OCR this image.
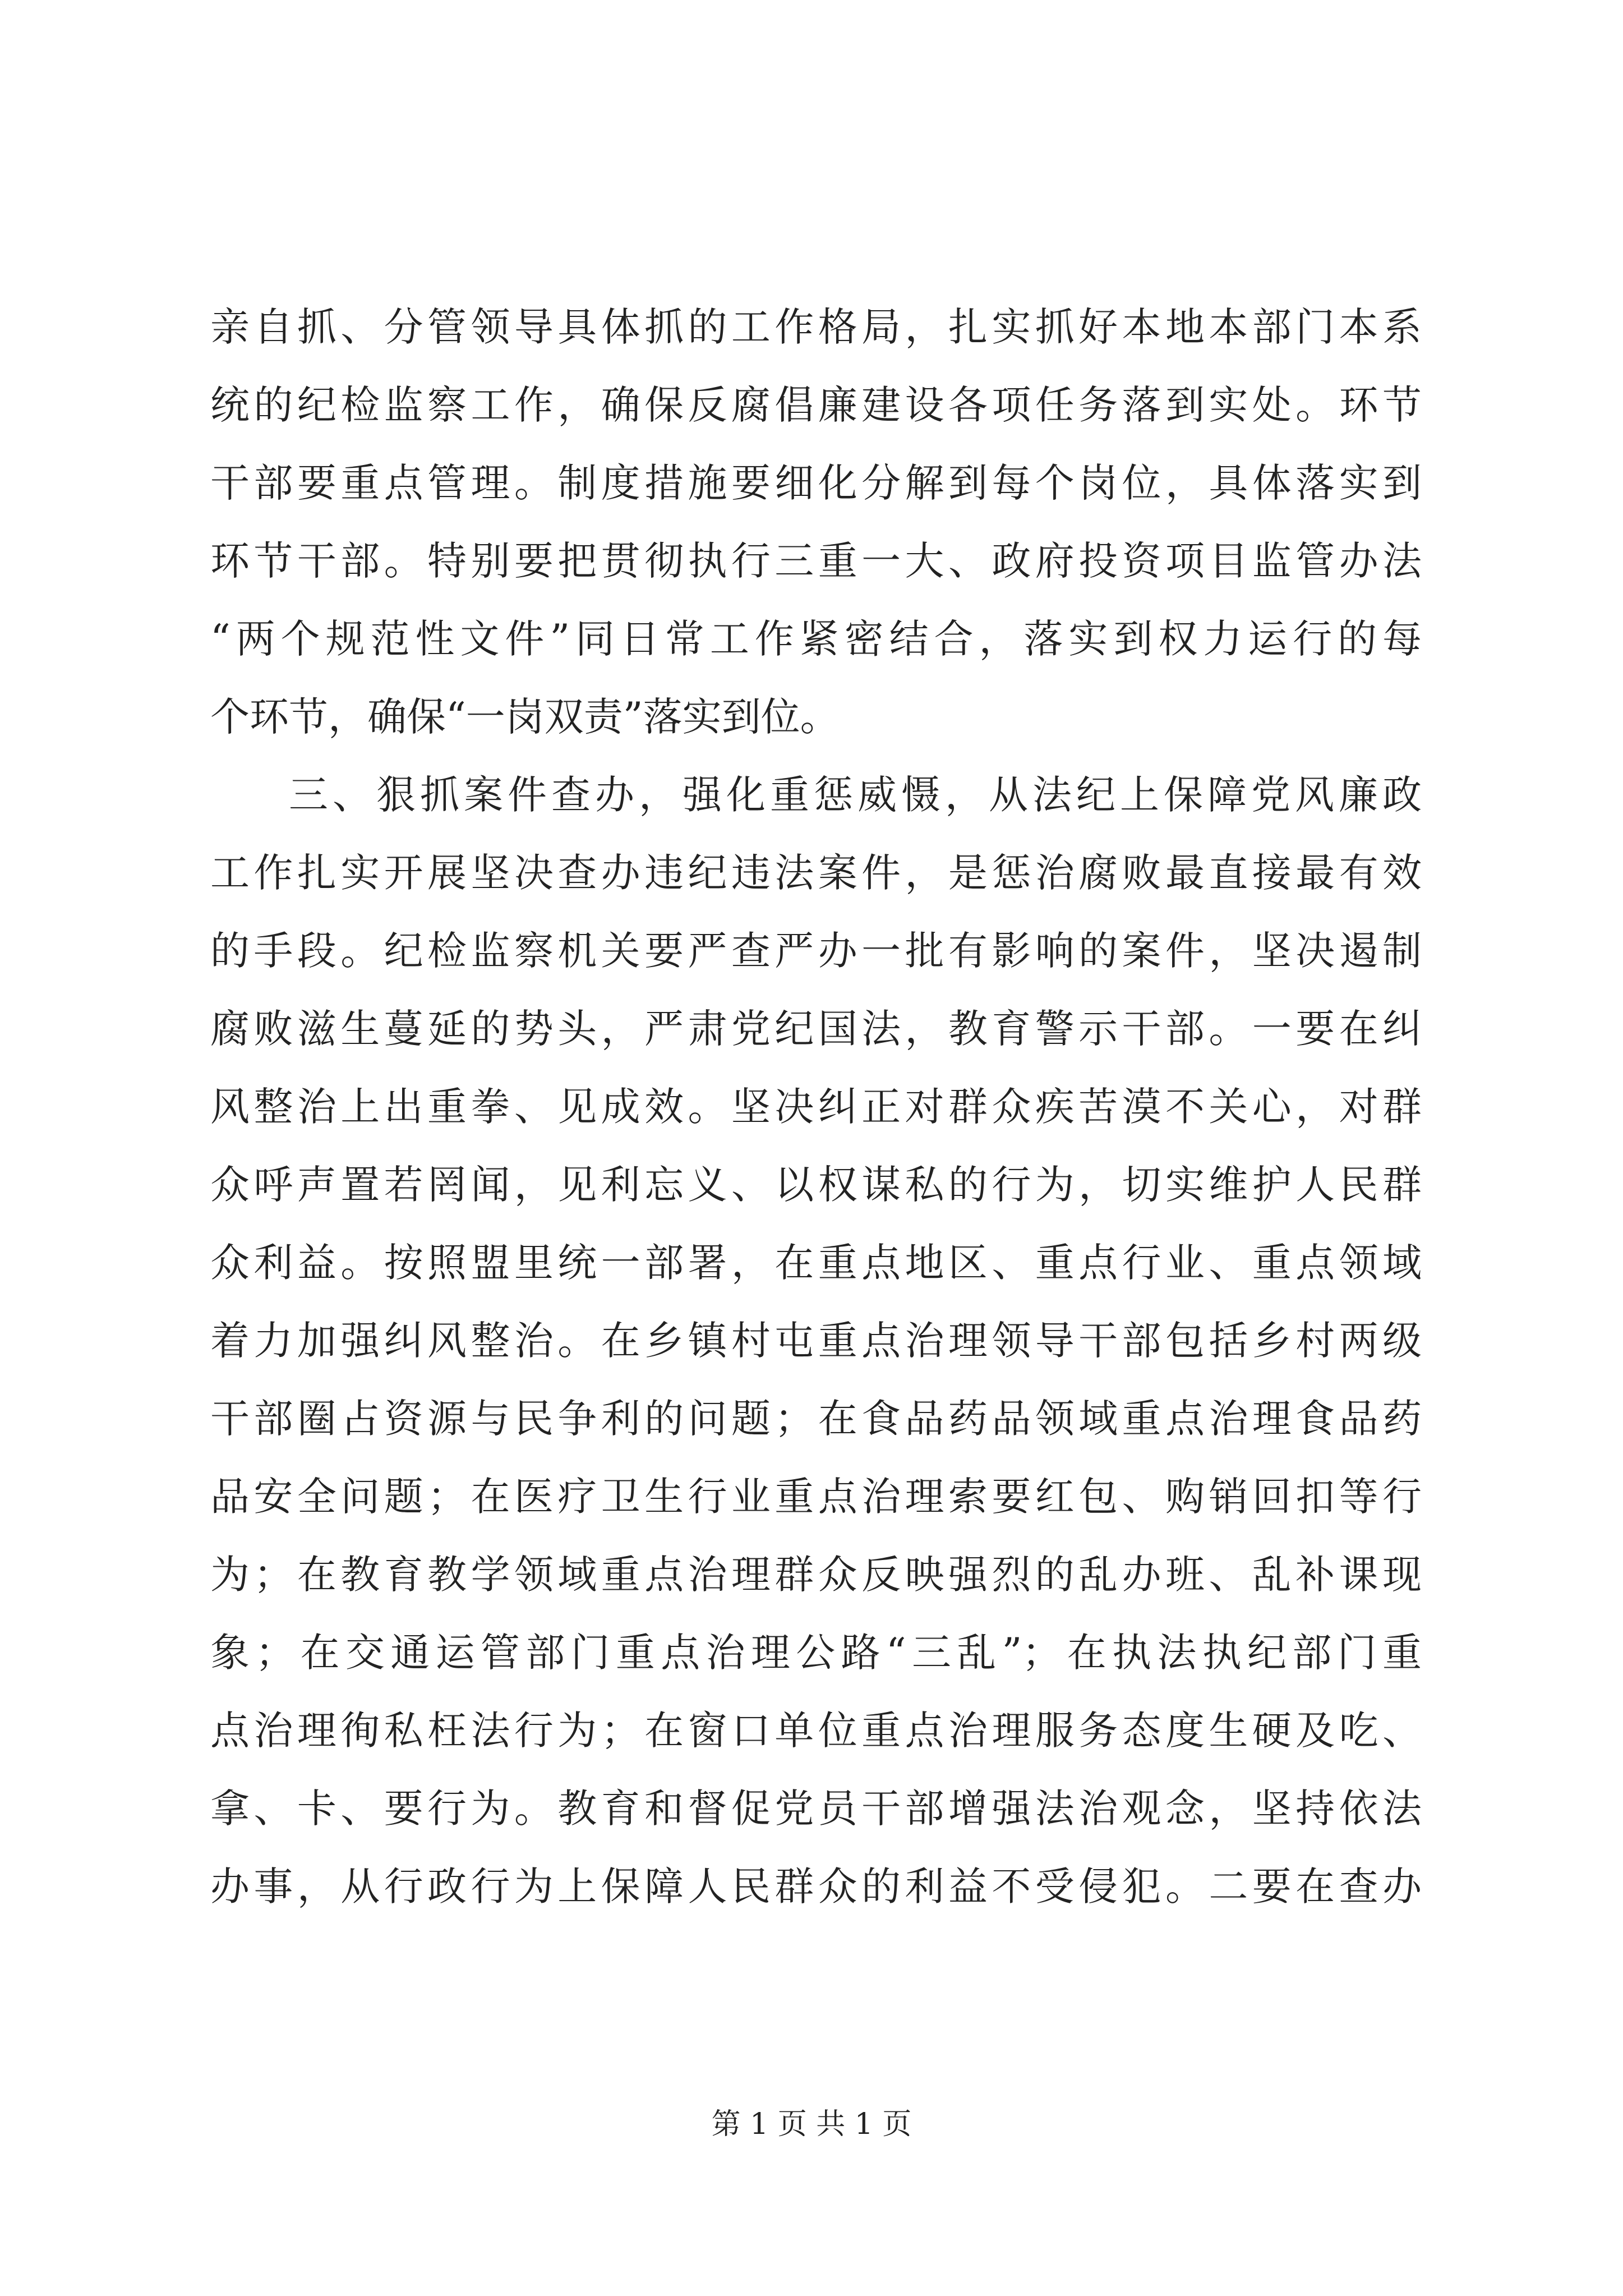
亲自抓、分管领导具体抓的工作格局，扎实抓好本地本部门本系

统的纪检监察工作，确保反腐倡廉建设各项任务落到实处。环节

干部要重点管理。制度措施要细化分解到每个岗位，具体落实到

环节干部。特别要把贯彻执行三重一大、政府投资项目监管办法

“两个规范性文件”同日常工作紧密结合，落实到权力运行的每

个环节，确保“一岗双责”落实到位。

三、狠抓案件查办，强化重惩威慑，从法纪上保障党风廉政

工作扎实开展坚决查办违纪违法案件，是惩治腐败最直接最有效

的手段。纪检监察机关要严查严办一批有影响的案件，坚决遏制

腐败滋生蔓延的势头，严肃党纪国法，教育警示干部。一要在纠

风整治上出重拳、见成效。坚决纠正对群众疾苦漠不关心，对群

众呼声置若罔闻，见利忘义、以权谋私的行为，切实维护人民群

众利益。按照盟里统一部署，在重点地区、重点行业、重点领域

着力加强纠风整治。在乡镇村屯重点治理领导干部包括乡村两级

干部圈占资源与民争利的问题；在食品药品领域重点治理食品药

品安全问题；在医疗卫生行业重点治理索要红包、购销回扣等行

为；在教育教学领域重点治理群众反映强烈的乱办班、乱补课现

象；在交通运管部门重点治理公路“三乱”；在执法执纪部门重

点治理徇私枉法行为；在窗口单位重点治理服务态度生硬及吃、

拿、卡、要行为。教育和督促党员干部增强法治观念，坚持依法

办事，从行政行为上保障人民群众的利益不受侵犯。二要在查办

第 1 页 共 1 页
